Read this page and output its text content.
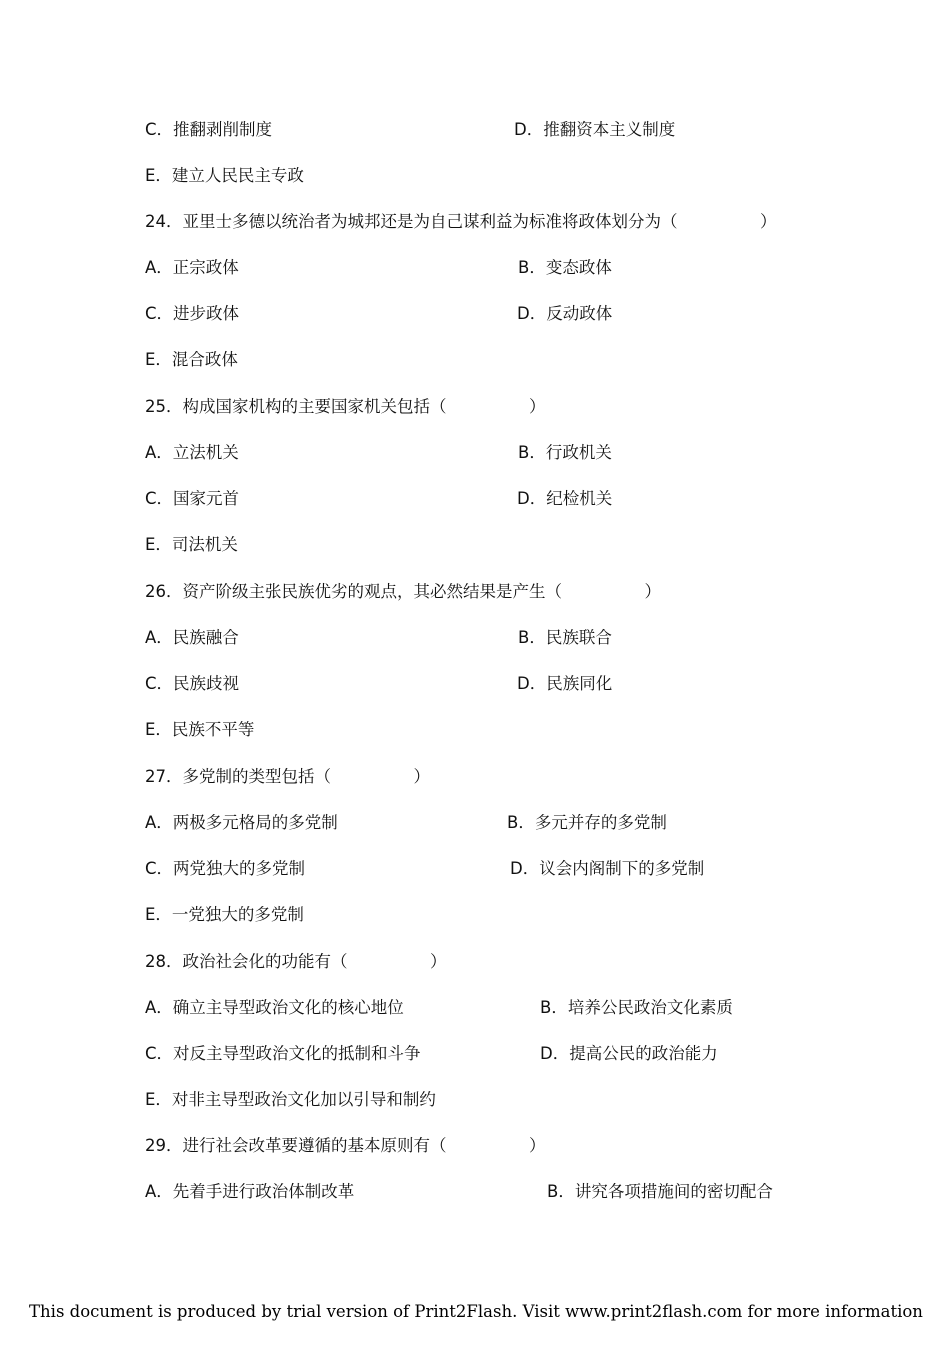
C．推翻剥削制度	D．推翻资本主义制度
E．建立人民民主专政
24．亚里士多德以统治者为城邦还是为自己谋利益为标准将政体划分为（　　　　　）
A．正宗政体	B．变态政体
C．进步政体	D．反动政体
E．混合政体
25．构成国家机构的主要国家机关包括（　　　　　）
A．立法机关	B．行政机关
C．国家元首	D．纪检机关
E．司法机关
26．资产阶级主张民族优劣的观点，其必然结果是产生（　　　　　）
A．民族融合	B．民族联合
C．民族歧视	D．民族同化
E．民族不平等
27．多党制的类型包括（　　　　　）
A．两极多元格局的多党制	B．多元并存的多党制
C．两党独大的多党制	D．议会内阁制下的多党制
E．一党独大的多党制
28．政治社会化的功能有（　　　　　）
A．确立主导型政治文化的核心地位	B．培养公民政治文化素质
C．对反主导型政治文化的抵制和斗争	D．提高公民的政治能力
E．对非主导型政治文化加以引导和制约
29．进行社会改革要遵循的基本原则有（　　　　　）
A．先着手进行政治体制改革	B．讲究各项措施间的密切配合
This document is produced by trial version of Print2Flash. Visit www.print2flash.com for more information
